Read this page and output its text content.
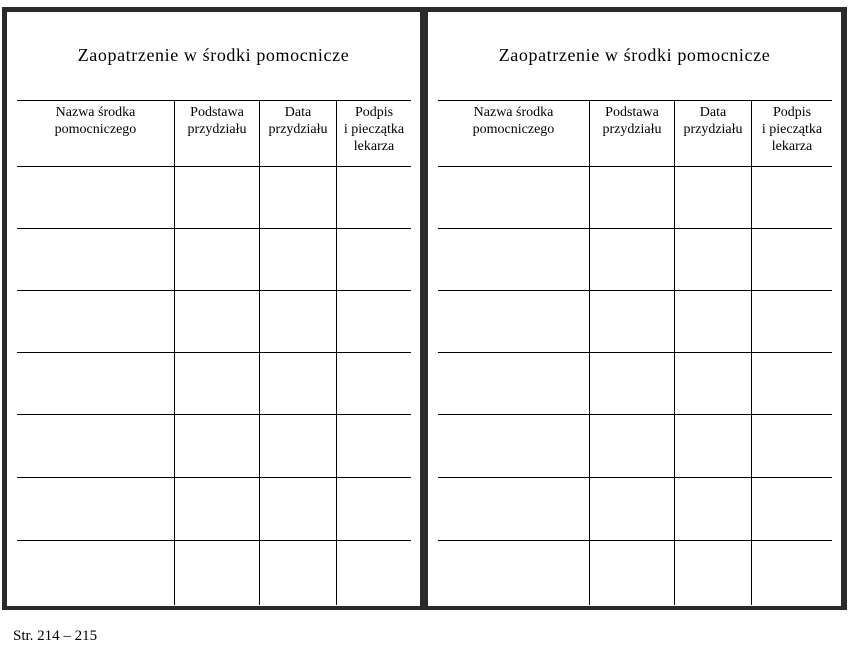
Zaopatrzenie w środki pomocnicze
Nazwa środka
pomocniczego
Podstawa
przydziału
Data
przydziału
Podpis
i pieczątka
lekarza
Zaopatrzenie w środki pomocnicze
Nazwa środka
pomocniczego
Podstawa
przydziału
Data
przydziału
Podpis
i pieczątka
lekarza
Str. 214 – 215
